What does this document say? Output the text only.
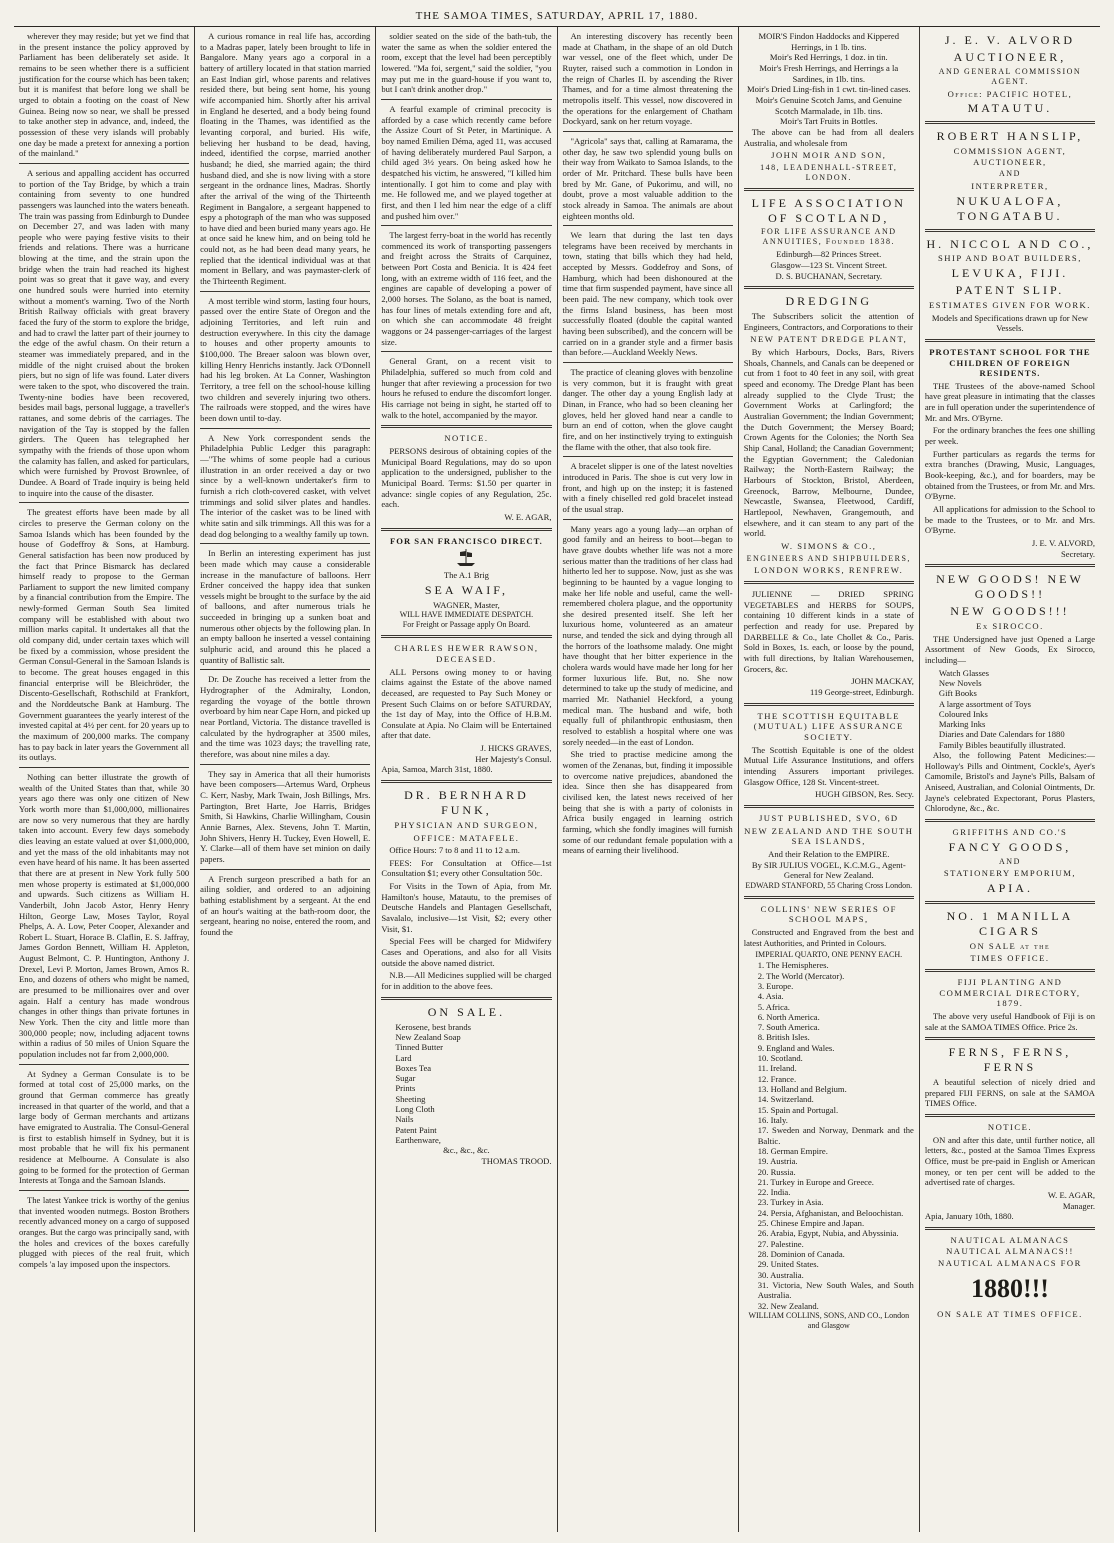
THE SAMOA TIMES, SATURDAY, APRIL 17, 1880.

wherever they may reside; but yet we find that in the present instance the policy approved by Parliament has been deliberately set aside. It remains to be seen whether there is a sufficient justification for the course which has been taken; but it is manifest that before long we shall be urged to obtain a footing on the coast of New Guinea. Being now so near, we shall be pressed to take another step in advance, and, indeed, the possession of these very islands will probably one day be made a pretext for annexing a portion of the mainland."

A serious and appalling accident has occurred to portion of the Tay Bridge, by which a train containing from seventy to one hundred passengers was launched into the waters beneath. The train was passing from Edinburgh to Dundee on December 27, and was laden with many people who were paying festive visits to their friends and relations. There was a hurricane blowing at the time, and the strain upon the bridge when the train had reached its highest point was so great that it gave way, and every one hundred souls were hurried into eternity without a moment's warning. Two of the North British Railway officials with great bravery faced the fury of the storm to explore the bridge, and had to crawl the latter part of their journey to the edge of the awful chasm. On their return a steamer was immediately prepared, and in the middle of the night cruised about the broken piers, but no sign of life was found. Later divers were taken to the spot, who discovered the train. Twenty-nine bodies have been recovered, besides mail bags, personal luggage, a traveller's rattanes, and some debris of the carriages. The navigation of the Tay is stopped by the fallen girders. The Queen has telegraphed her sympathy with the friends of those upon whom the calamity has fallen, and asked for particulars, which were furnished by Provost Brownlee, of Dundee. A Board of Trade inquiry is being held to inquire into the cause of the disaster.

The greatest efforts have been made by all circles to preserve the German colony on the Samoa Islands which has been founded by the house of Godeffroy & Sons, at Hamburg. General satisfaction has been now produced by the fact that Prince Bismarck has declared himself ready to propose to the German Parliament to support the new limited company by a financial contribution from the Empire. The newly-formed German South Sea limited company will be established with about two million marks capital. It undertakes all that the old company did, under certain taxes which will be fixed by a commission, whose president the German Consul-General in the Samoan Islands is to become. The great houses engaged in this financial enterprise will be Bleichröder, the Discento-Gesellschaft, Rothschild at Frankfort, and the Norddeutsche Bank at Hamburg. The Government guarantees the yearly interest of the invested capital at 4½ per cent. for 20 years up to the maximum of 200,000 marks. The company has to pay back in later years the Government all its outlays.

Nothing can better illustrate the growth of wealth of the United States than that, while 30 years ago there was only one citizen of New York worth more than $1,000,000, millionaires are now so very numerous that they are hardly taken into account. Every few days somebody dies leaving an estate valued at over $1,000,000, and yet the mass of the old inhabitants may not even have heard of his name. It has been asserted that there are at present in New York fully 500 men whose property is estimated at $1,000,000 and upwards. Such citizens as William H. Vanderbilt, John Jacob Astor, Henry Henry Hilton, George Law, Moses Taylor, Royal Phelps, A. A. Low, Peter Cooper, Alexander and Robert L. Stuart, Horace B. Claflin, E. S. Jaffray, James Gordon Bennett, William H. Appleton, August Belmont, C. P. Huntington, Anthony J. Drexel, Levi P. Morton, James Brown, Amos R. Eno, and dozens of others who might be named, are presumed to be millionaires over and over again. Half a century has made wondrous changes in other things than private fortunes in New York. Then the city and little more than 300,000 people; now, including adjacent towns within a radius of 50 miles of Union Square the population includes not far from 2,000,000.

At Sydney a German Consulate is to be formed at total cost of 25,000 marks, on the ground that German commerce has greatly increased in that quarter of the world, and that a large body of German merchants and artizans have emigrated to Australia. The Consul-General is first to establish himself in Sydney, but it is most probable that he will fix his permanent residence at Melbourne. A Consulate is also going to be formed for the protection of German Interests at Tonga and the Samoan Islands.

The latest Yankee trick is worthy of the genius that invented wooden nutmegs. Boston Brothers recently advanced money on a cargo of supposed oranges. But the cargo was principally sand, with the holes and crevices of the boxes carefully plugged with pieces of the real fruit, which compels 'a lay imposed upon the inspectors.

A curious romance in real life has, according to a Madras paper, lately been brought to life in Bangalore. Many years ago a corporal in a battery of artillery located in that station married an East Indian girl, whose parents and relatives resided there, but being sent home, his young wife accompanied him. Shortly after his arrival in England he deserted, and a body being found floating in the Thames, was identified as the levanting corporal, and buried. His wife, believing her husband to be dead, having, indeed, identified the corpse, married another husband; he died, she married again; the third husband died, and she is now living with a store sergeant in the ordnance lines, Madras. Shortly after the arrival of the wing of the Thirteenth Regiment in Bangalore, a sergeant happened to espy a photograph of the man who was supposed to have died and been buried many years ago. He at once said he knew him, and on being told he could not, as he had been dead many years, he replied that the identical individual was at that moment in Bellary, and was paymaster-clerk of the Thirteenth Regiment.

A most terrible wind storm, lasting four hours, passed over the entire State of Oregon and the adjoining Territories, and left ruin and destruction everywhere. In this city the damage to houses and other property amounts to $100,000. The Breaer saloon was blown over, killing Henry Henrichs instantly. Jack O'Donnell had his leg broken. At La Conner, Washington Territory, a tree fell on the school-house killing two children and severely injuring two others. The railroads were stopped, and the wires have been down until to-day.

A New York correspondent sends the Philadelphia Public Ledger this paragraph:—"The whims of some people had a curious illustration in an order received a day or two since by a well-known undertaker's firm to furnish a rich cloth-covered casket, with velvet trimmings and solid silver plates and handles. The interior of the casket was to be lined with white satin and silk trimmings. All this was for a dead dog belonging to a wealthy family up town.

In Berlin an interesting experiment has just been made which may cause a considerable increase in the manufacture of balloons. Herr Erdner conceived the happy idea that sunken vessels might be brought to the surface by the aid of balloons, and after numerous trials he succeeded in bringing up a sunken boat and numerous other objects by the following plan. In an empty balloon he inserted a vessel containing sulphuric acid, and around this he placed a quantity of Ballistic salt.

Dr. De Zouche has received a letter from the Hydrographer of the Admiralty, London, regarding the voyage of the bottle thrown overboard by him near Cape Horn, and picked up near Portland, Victoria. The distance travelled is calculated by the hydrographer at 3500 miles, and the time was 1023 days; the travelling rate, therefore, was about nine miles a day.

They say in America that all their humorists have been composers—Artemus Ward, Orpheus C. Kerr, Nasby, Mark Twain, Josh Billings, Mrs. Partington, Bret Harte, Joe Harris, Bridges Smith, Si Hawkins, Charlie Willingham, Cousin Annie Barnes, Alex. Stevens, John T. Martin, John Shivers, Henry H. Tuckey, Even Howell, E. Y. Clarke—all of them have set minion on daily papers.

A French surgeon prescribed a bath for an ailing soldier, and ordered to an adjoining bathing establishment by a sergeant. At the end of an hour's waiting at the bath-room door, the sergeant, hearing no noise, entered the room, and found the

soldier seated on the side of the bath-tub, the water the same as when the soldier entered the room, except that the level had been perceptibly lowered. "Ma foi, sergent," said the soldier, "you may put me in the guard-house if you want to, but I can't drink another drop."

A fearful example of criminal precocity is afforded by a case which recently came before the Assize Court of St Peter, in Martinique. A boy named Emilien Déma, aged 11, was accused of having deliberately murdered Paul Sarpon, a child aged 3½ years. On being asked how he despatched his victim, he answered, "I killed him intentionally. I got him to come and play with me. He followed me, and we played together at first, and then I led him near the edge of a cliff and pushed him over."

The largest ferry-boat in the world has recently commenced its work of transporting passengers and freight across the Straits of Carquinez, between Port Costa and Benicia. It is 424 feet long, with an extreme width of 116 feet, and the engines are capable of developing a power of 2,000 horses. The Solano, as the boat is named, has four lines of metals extending fore and aft, on which she can accommodate 48 freight waggons or 24 passenger-carriages of the largest size.

General Grant, on a recent visit to Philadelphia, suffered so much from cold and hunger that after reviewing a procession for two hours he refused to endure the discomfort longer. His carriage not being in sight, he started off to walk to the hotel, accompanied by the mayor.

NOTICE.

PERSONS desirous of obtaining copies of the Municipal Board Regulations, may do so upon application to the undersigned, publisher to the Municipal Board. Terms: $1.50 per quarter in advance: single copies of any Regulation, 25c. each.

W. E. AGAR,
FOR SAN FRANCISCO DIRECT.
The A.1 Brig
SEA WAIF,
WAGNER, Master,
WILL HAVE IMMEDIATE DESPATCH.
For Freight or Passage apply On Board.
CHARLES HEWER RAWSON, DECEASED.

ALL Persons owing money to or having claims against the Estate of the above named deceased, are requested to Pay Such Money or Present Such Claims on or before SATURDAY, the 1st day of May, into the Office of H.B.M. Consulate at Apia. No Claim will be Entertained after that date.

J. HICKS GRAVES,
Her Majesty's Consul.
Apia, Samoa, March 31st, 1880.
DR. BERNHARD FUNK,
PHYSICIAN AND SURGEON,
OFFICE: MATAFELE.

Office Hours: 7 to 8 and 11 to 12 a.m.

FEES: For Consultation at Office—1st Consultation $1; every other Consultation 50c.

For Visits in the Town of Apia, from Mr. Hamilton's house, Matautu, to the premises of Deutsche Handels and Plantagen Gesellschaft, Savalalo, inclusive—1st Visit, $2; every other Visit, $1.

Special Fees will be charged for Midwifery Cases and Operations, and also for all Visits outside the above named district.

N.B.—All Medicines supplied will be charged for in addition to the above fees.

ON SALE.
Kerosene, best brands
New Zealand Soap
Tinned Butter
Lard
Boxes Tea
Sugar
Prints
Sheeting
Long Cloth
Nails
Patent Paint
Earthenware,
&c., &c., &c.
THOMAS TROOD.

An interesting discovery has recently been made at Chatham, in the shape of an old Dutch war vessel, one of the fleet which, under De Ruyter, raised such a commotion in London in the reign of Charles II. by ascending the River Thames, and for a time almost threatening the metropolis itself. This vessel, now discovered in the operations for the enlargement of Chatham Dockyard, sank on her return voyage.

"Agricola" says that, calling at Ramarama, the other day, he saw two splendid young bulls on their way from Waikato to Samoa Islands, to the order of Mr. Pritchard. These bulls have been bred by Mr. Gane, of Pukorimu, and will, no doubt, prove a most valuable addition to the stock already in Samoa. The animals are about eighteen months old.

We learn that during the last ten days telegrams have been received by merchants in town, stating that bills which they had held, accepted by Messrs. Goddefroy and Sons, of Hamburg, which had been dishonoured at the time that firm suspended payment, have since all been paid. The new company, which took over the firms Island business, has been most successfully floated (double the capital wanted having been subscribed), and the concern will be carried on in a grander style and a firmer basis than before.—Auckland Weekly News.

The practice of cleaning gloves with benzoline is very common, but it is fraught with great danger. The other day a young English lady at Dinan, in France, who had so been cleaning her gloves, held her gloved hand near a candle to burn an end of cotton, when the glove caught fire, and on her instinctively trying to extinguish the flame with the other, that also took fire.

A bracelet slipper is one of the latest novelties introduced in Paris. The shoe is cut very low in front, and high up on the instep; it is fastened with a finely chiselled red gold bracelet instead of the usual strap.

Many years ago a young lady—an orphan of good family and an heiress to boot—began to have grave doubts whether life was not a more serious matter than the traditions of her class had hitherto led her to suppose. Now, just as she was beginning to be haunted by a vague longing to make her life noble and useful, came the well-remembered cholera plague, and the opportunity she desired presented itself. She left her luxurious home, volunteered as an amateur nurse, and tended the sick and dying through all the horrors of the loathsome malady. One might have thought that her bitter experience in the cholera wards would have made her long for her former luxurious life. But, no. She now determined to take up the study of medicine, and married Mr. Nathaniel Heckford, a young medical man. The husband and wife, both equally full of philanthropic enthusiasm, then resolved to establish a hospital where one was sorely needed—in the east of London.

She tried to practise medicine among the women of the Zenanas, but, finding it impossible to overcome native prejudices, abandoned the idea. Since then she has disappeared from civilised ken, the latest news received of her being that she is with a party of colonists in Africa busily engaged in learning ostrich farming, which she fondly imagines will furnish some of our redundant female population with a means of earning their livelihood.

MOIR'S Findon Haddocks and Kippered Herrings, in 1 lb. tins.
Moir's Red Herrings, 1 doz. in tin.
Moir's Fresh Herrings, and Herrings a la Sardines, in 1lb. tins.
Moir's Dried Ling-fish in 1 cwt. tin-lined cases.
Moir's Genuine Scotch Jams, and Genuine Scotch Marmalade, in 1lb. tins.
Moir's Tart Fruits in Bottles.

The above can be had from all dealers Australia, and wholesale from

JOHN MOIR AND SON,
148, LEADENHALL-STREET, LONDON.
LIFE ASSOCIATION OF SCOTLAND,
FOR LIFE ASSURANCE AND ANNUITIES, Founded 1838.
Edinburgh—82 Princes Street.
Glasgow—123 St. Vincent Street.
D. S. BUCHANAN, Secretary.
DREDGING

The Subscribers solicit the attention of Engineers, Contractors, and Corporations to their

NEW PATENT DREDGE PLANT,

By which Harbours, Docks, Bars, Rivers Shoals, Channels, and Canals can be deepened or cut from 1 foot to 40 feet in any soil, with great speed and economy. The Dredge Plant has been already supplied to the Clyde Trust; the Government Works at Carlingford; the Australian Government; the Indian Government; the Dutch Government; the Mersey Board; Crown Agents for the Colonies; the North Sea Ship Canal, Holland; the Canadian Government; the Egyptian Government; the Caledonian Railway; the North-Eastern Railway; the Harbours of Stockton, Bristol, Aberdeen, Greenock, Barrow, Melbourne, Dundee, Newcastle, Swansea, Fleetwood, Cardiff, Hartlepool, Newhaven, Grangemouth, and elsewhere, and it can steam to any part of the world.

W. SIMONS & CO.,
ENGINEERS AND SHIPBUILDERS,
LONDON WORKS, RENFREW.

JULIENNE — DRIED SPRING VEGETABLES and HERBS for SOUPS, containing 10 different kinds in a state of perfection and ready for use. Prepared by DARBELLE & Co., late Chollet & Co., Paris. Sold in Boxes, 1s. each, or loose by the pound, with full directions, by Italian Warehousemen, Grocers, &c.

JOHN MACKAY,
119 George-street, Edinburgh.
THE SCOTTISH EQUITABLE (MUTUAL) LIFE ASSURANCE SOCIETY.

The Scottish Equitable is one of the oldest Mutual Life Assurance Institutions, and offers intending Assurers important privileges. Glasgow Office, 128 St. Vincent-street.

HUGH GIBSON, Res. Secy.
JUST PUBLISHED, SVO, 6D
NEW ZEALAND AND THE SOUTH SEA ISLANDS,
And their Relation to the EMPIRE.
By SIR JULIUS VOGEL, K.C.M.G., Agent-General for New Zealand.
EDWARD STANFORD, 55 Charing Cross London.
COLLINS' NEW SERIES OF SCHOOL MAPS,

Constructed and Engraved from the best and latest Authorities, and Printed in Colours.

IMPERIAL QUARTO, ONE PENNY EACH.
1. The Hemispheres.
2. The World (Mercator).
3. Europe.
4. Asia.
5. Africa.
6. North America.
7. South America.
8. British Isles.
9. England and Wales.
10. Scotland.
11. Ireland.
12. France.
13. Holland and Belgium.
14. Switzerland.
15. Spain and Portugal.
16. Italy.
17. Sweden and Norway, Denmark and the Baltic.
18. German Empire.
19. Austria.
20. Russia.
21. Turkey in Europe and Greece.
22. India.
23. Turkey in Asia.
24. Persia, Afghanistan, and Beloochistan.
25. Chinese Empire and Japan.
26. Arabia, Egypt, Nubia, and Abyssinia.
27. Palestine.
28. Dominion of Canada.
29. United States.
30. Australia.
31. Victoria, New South Wales, and South Australia.
32. New Zealand.
WILLIAM COLLINS, SONS, AND CO., London and Glasgow
J. E. V. ALVORD
AUCTIONEER,
AND GENERAL COMMISSION AGENT.
Office: PACIFIC HOTEL,
MATAUTU.
ROBERT HANSLIP,
COMMISSION AGENT, AUCTIONEER,
AND
INTERPRETER,
NUKUALOFA, TONGATABU.
H. NICCOL AND CO.,
SHIP AND BOAT BUILDERS,
LEVUKA, FIJI.
PATENT SLIP.
ESTIMATES GIVEN FOR WORK.
Models and Specifications drawn up for New Vessels.
PROTESTANT SCHOOL FOR THE CHILDREN OF FOREIGN RESIDENTS.

THE Trustees of the above-named School have great pleasure in intimating that the classes are in full operation under the superintendence of Mr. and Mrs. O'Byrne.

For the ordinary branches the fees one shilling per week.

Further particulars as regards the terms for extra branches (Drawing, Music, Languages, Book-keeping, &c.), and for boarders, may be obtained from the Trustees, or from Mr. and Mrs. O'Byrne.

All applications for admission to the School to be made to the Trustees, or to Mr. and Mrs. O'Byrne.

J. E. V. ALVORD,
Secretary.
NEW GOODS! NEW GOODS!!
NEW GOODS!!!
Ex SIROCCO.

THE Undersigned have just Opened a Large Assortment of New Goods, Ex Sirocco, including—

Watch Glasses
New Novels
Gift Books
A large assortment of Toys
Coloured Inks
Marking Inks
Diaries and Date Calendars for 1880
Family Bibles beautifully illustrated.

Also, the following Patent Medicines:—Holloway's Pills and Ointment, Cockle's, Ayer's Camomile, Bristol's and Jayne's Pills, Balsam of Aniseed, Australian, and Colonial Ointments, Dr. Jayne's celebrated Expectorant, Porus Plasters, Chlorodyne, &c., &c.

GRIFFITHS AND CO.'S
FANCY GOODS,
AND
STATIONERY EMPORIUM,
APIA.
NO. 1 MANILLA CIGARS
ON SALE at the
TIMES OFFICE.
FIJI PLANTING AND COMMERCIAL DIRECTORY, 1879.

The above very useful Handbook of Fiji is on sale at the SAMOA TIMES Office. Price 2s.

FERNS, FERNS, FERNS

A beautiful selection of nicely dried and prepared FIJI FERNS, on sale at the SAMOA TIMES Office.

NOTICE.

ON and after this date, until further notice, all letters, &c., posted at the Samoa Times Express Office, must be pre-paid in English or American money, or ten per cent will be added to the advertised rate of charges.

W. E. AGAR,
Manager.
Apia, January 10th, 1880.
NAUTICAL ALMANACS NAUTICAL ALMANACS!!
NAUTICAL ALMANACS FOR
1880!!!
ON SALE AT TIMES OFFICE.
